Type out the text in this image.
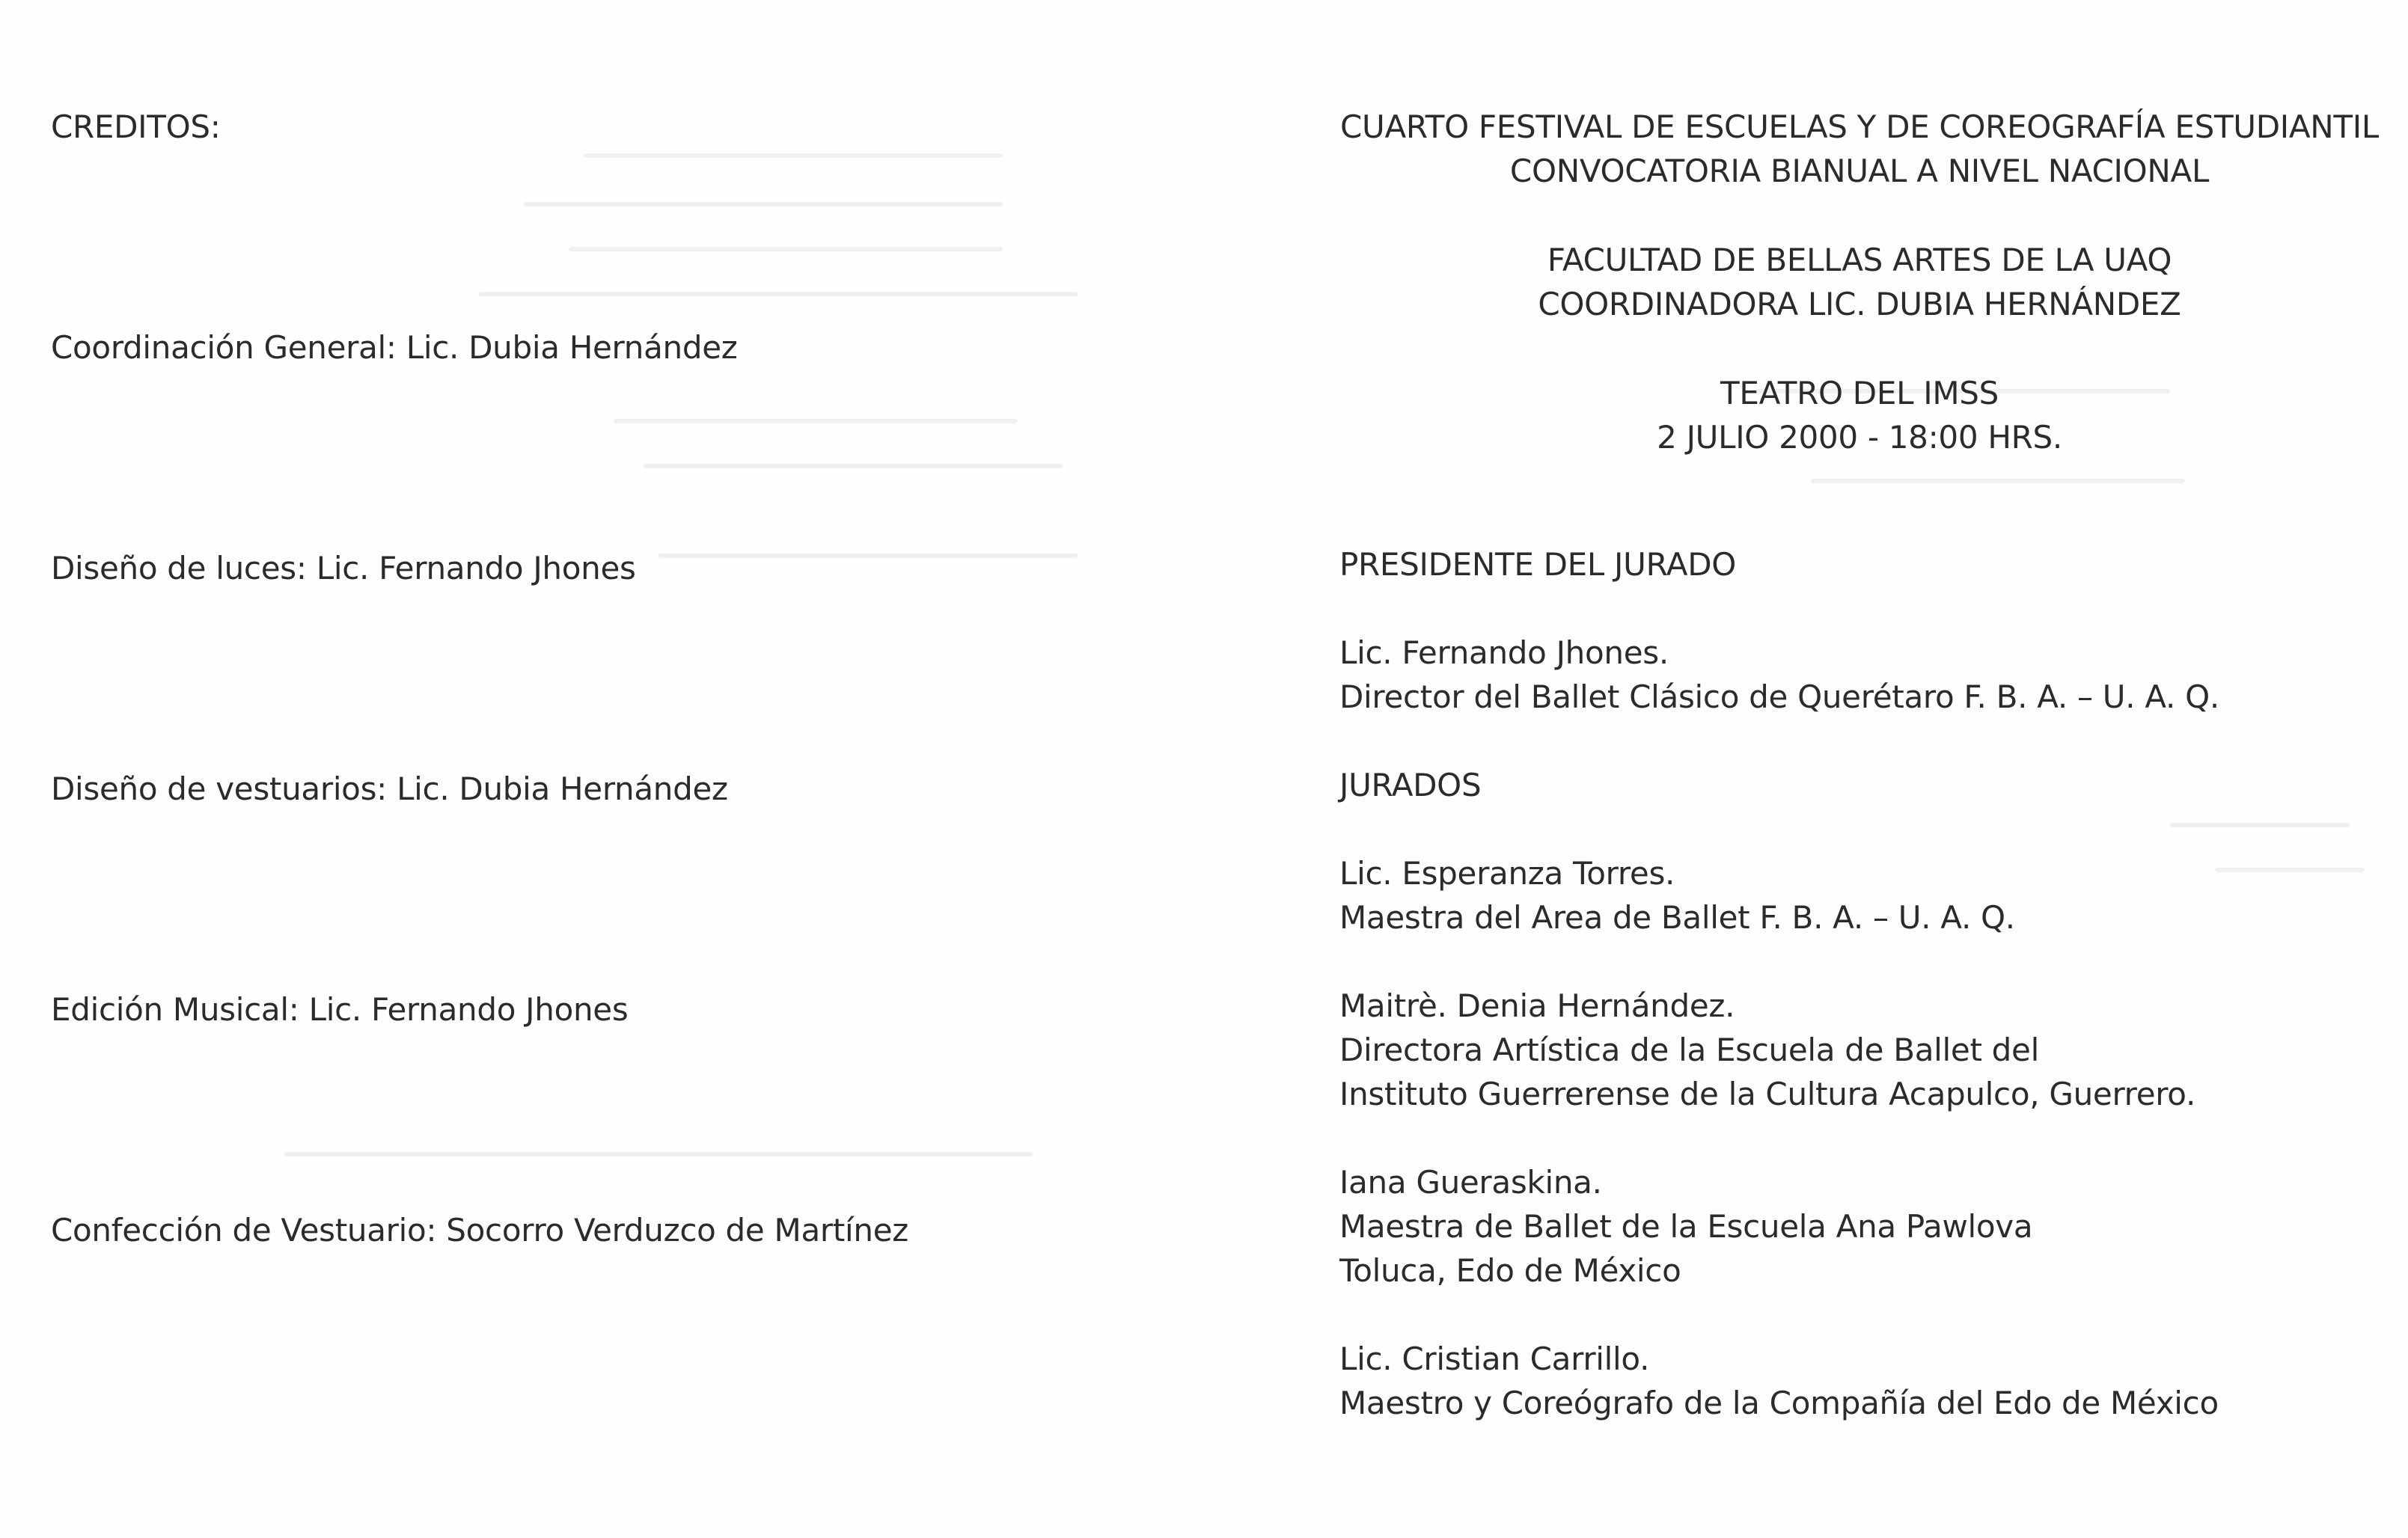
CREDITOS:
Coordinación General: Lic. Dubia Hernández
Diseño de luces: Lic. Fernando Jhones
Diseño de vestuarios: Lic. Dubia Hernández
Edición Musical: Lic. Fernando Jhones
Confección de Vestuario: Socorro Verduzco de Martínez
CUARTO FESTIVAL DE ESCUELAS Y DE COREOGRAFÍA ESTUDIANTIL
CONVOCATORIA BIANUAL A NIVEL NACIONAL
FACULTAD DE BELLAS ARTES DE LA UAQ
COORDINADORA LIC. DUBIA HERNÁNDEZ
TEATRO DEL IMSS
2 JULIO 2000 - 18:00 HRS.
PRESIDENTE DEL JURADO
Lic. Fernando Jhones.
Director del Ballet Clásico de Querétaro F. B. A. – U. A. Q.
JURADOS
Lic. Esperanza Torres.
Maestra del Area de Ballet F. B. A. – U. A. Q.
Maitrè. Denia Hernández.
Directora Artística de la Escuela de Ballet del
Instituto Guerrerense de la Cultura Acapulco, Guerrero.
Iana Gueraskina.
Maestra de Ballet de la Escuela Ana Pawlova
Toluca, Edo de México
Lic. Cristian Carrillo.
Maestro y Coreógrafo de la Compañía del Edo de México
